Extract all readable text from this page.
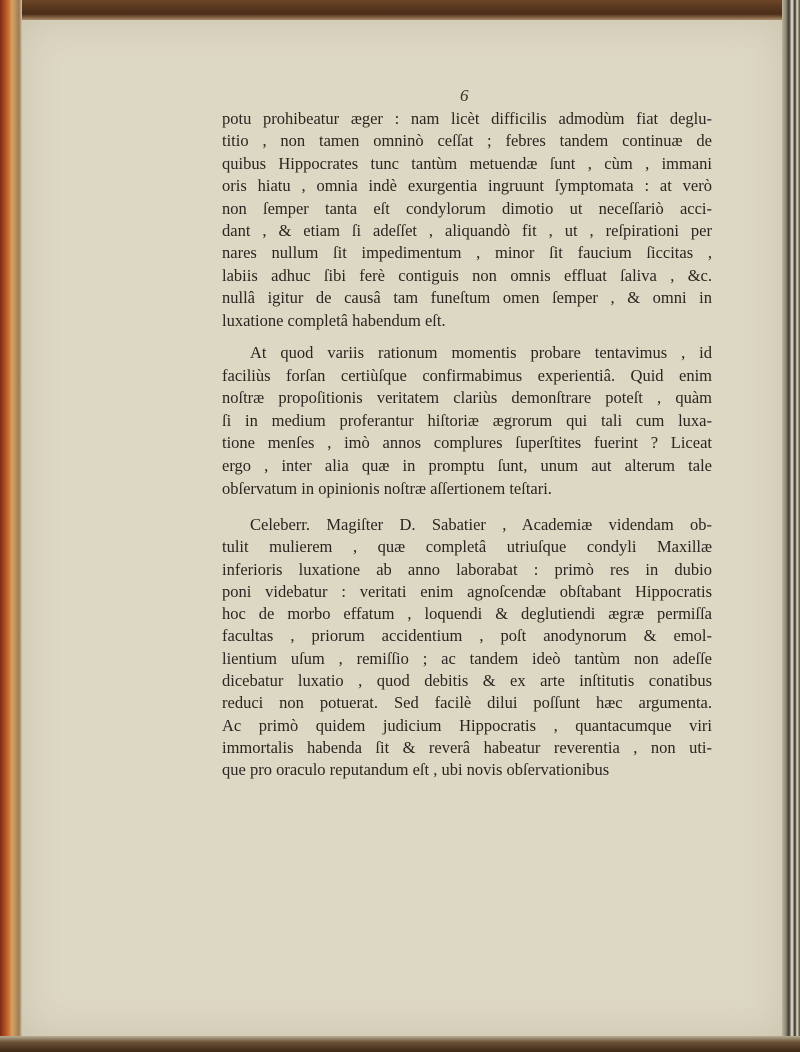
6
potu prohibeatur æger : nam licèt difficilis admodùm fiat deglu-
titio , non tamen omninò ceſſat ; febres tandem continuæ de
quibus Hippocrates tunc tantùm metuendæ ſunt , cùm , immani
oris hiatu , omnia indè exurgentia ingruunt ſymptomata : at verò
non ſemper tanta eſt condylorum dimotio ut neceſſariò acci-
dant , & etiam ſi adeſſet , aliquandò fit , ut , reſpirationi per
nares nullum ſit impedimentum , minor ſit faucium ſiccitas ,
labiis adhuc ſibi ferè contiguis non omnis effluat ſaliva , &c.
nullâ igitur de causâ tam funeſtum omen ſemper , & omni in
luxatione completâ habendum eſt.
At quod variis rationum momentis probare tentavimus , id
faciliùs forſan certiùſque confirmabimus experientiâ. Quid enim
noſtræ propoſitionis veritatem clariùs demonſtrare poteſt , quàm
ſi in medium proferantur hiſtoriæ ægrorum qui tali cum luxa-
tione menſes , imò annos complures ſuperſtites fuerint ? Liceat
ergo , inter alia quæ in promptu ſunt, unum aut alterum tale
obſervatum in opinionis noſtræ aſſertionem teſtari.
Celeberr. Magiſter D. Sabatier , Academiæ videndam ob-
tulit mulierem , quæ completâ utriuſque condyli Maxillæ
inferioris luxatione ab anno laborabat : primò res in dubio
poni videbatur : veritati enim agnoſcendæ obſtabant Hippocratis
hoc de morbo effatum , loquendi & deglutiendi ægræ permiſſa
facultas , priorum accidentium , poſt anodynorum & emol-
lientium uſum , remiſſio ; ac tandem ideò tantùm non adeſſe
dicebatur luxatio , quod debitis & ex arte inſtitutis conatibus
reduci non potuerat. Sed facilè dilui poſſunt hæc argumenta.
Ac primò quidem judicium Hippocratis , quantacumque viri
immortalis habenda ſit & reverâ habeatur reverentia , non uti-
que pro oraculo reputandum eſt , ubi novis obſervationibus
